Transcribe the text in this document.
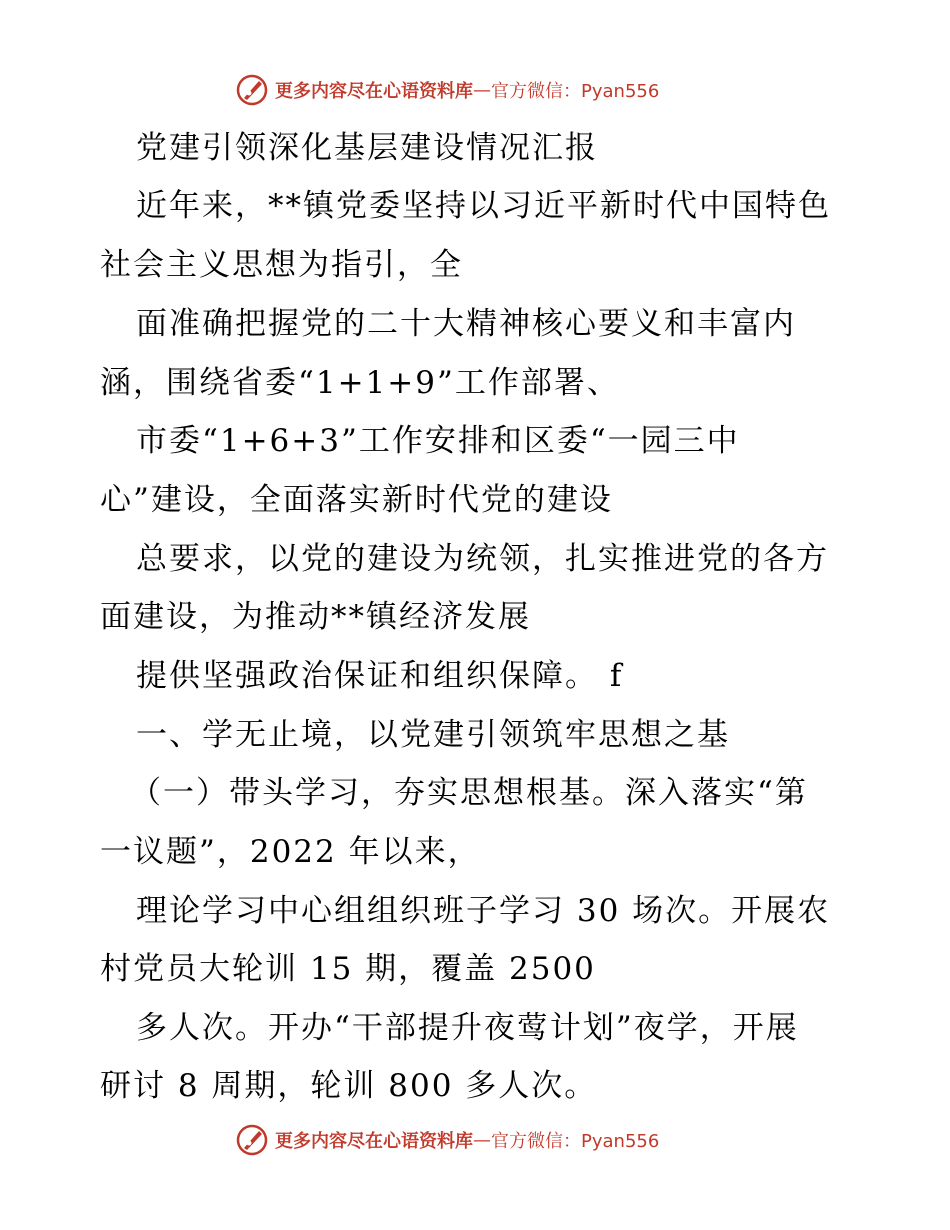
更多内容尽在心语资料库 — 官方微信：Pyan556
党建引领深化基层建设情况汇报
近年来，**镇党委坚持以习近平新时代中国特色
社会主义思想为指引，全
面准确把握党的二十大精神核心要义和丰富内
涵，围绕省委“1+1+9”工作部署、
市委“1+6+3”工作安排和区委“一园三中
心”建设，全面落实新时代党的建设
总要求，以党的建设为统领，扎实推进党的各方
面建设，为推动**镇经济发展
提供坚强政治保证和组织保障。 f
一、学无止境，以党建引领筑牢思想之基
（一）带头学习，夯实思想根基。深入落实“第
一议题”，2022 年以来，
理论学习中心组组织班子学习 30 场次。开展农
村党员大轮训 15 期，覆盖 2500
多人次。开办“干部提升夜莺计划”夜学，开展
研讨 8 周期，轮训 800 多人次。
更多内容尽在心语资料库 — 官方微信：Pyan556
